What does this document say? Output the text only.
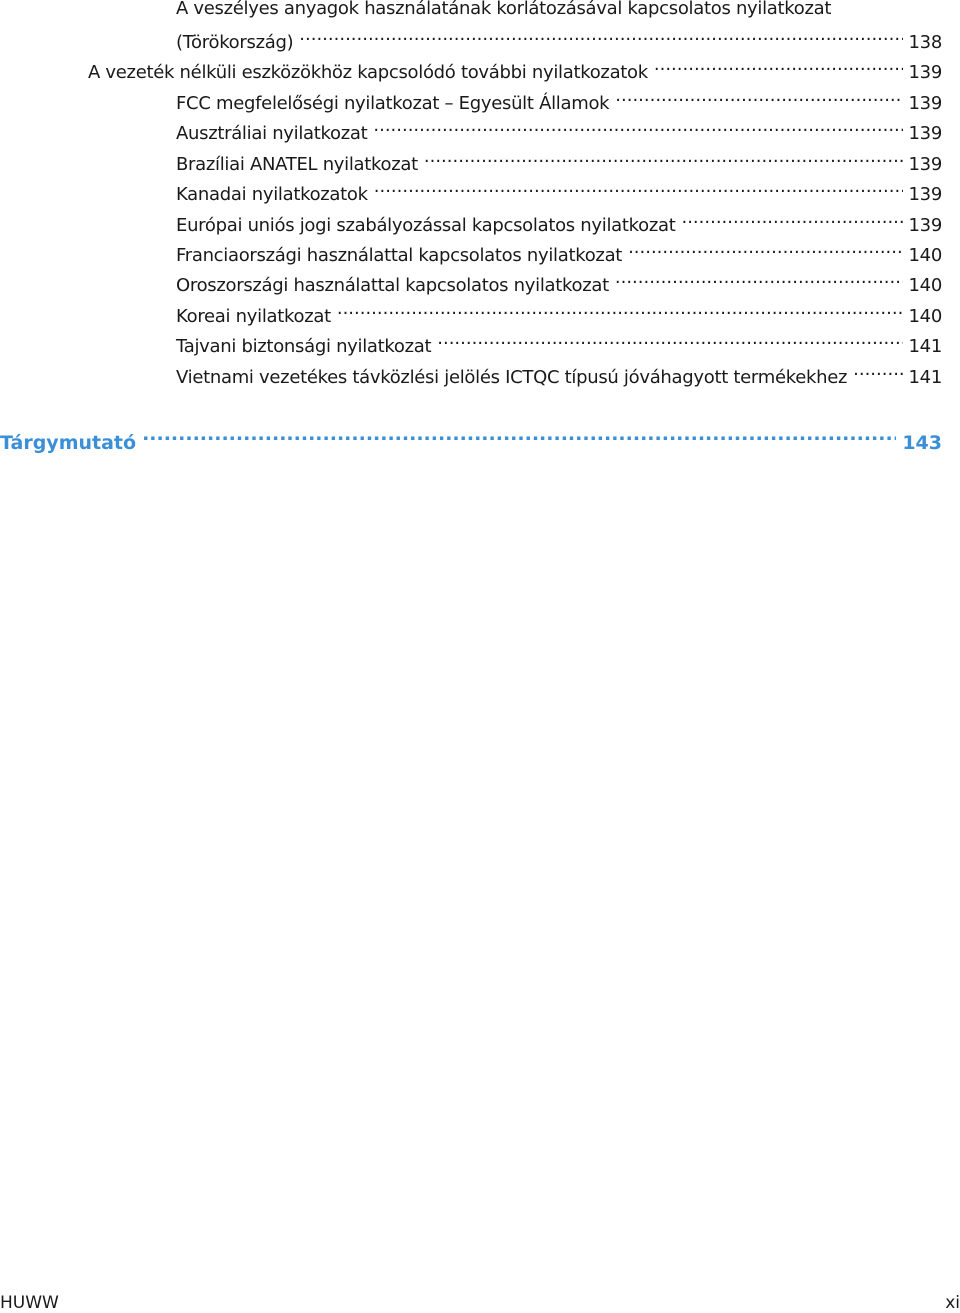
A veszélyes anyagok használatának korlátozásával kapcsolatos nyilatkozat
(Törökország) .....	138
A vezeték nélküli eszközökhöz kapcsolódó további nyilatkozatok .....	139
FCC megfelelőségi nyilatkozat – Egyesült Államok .....	139
Ausztráliai nyilatkozat .....	139
Brazíliai ANATEL nyilatkozat .....	139
Kanadai nyilatkozatok .....	139
Európai uniós jogi szabályozással kapcsolatos nyilatkozat .....	139
Franciaországi használattal kapcsolatos nyilatkozat .....	140
Oroszországi használattal kapcsolatos nyilatkozat .....	140
Koreai nyilatkozat .....	140
Tajvani biztonsági nyilatkozat .....	141
Vietnami vezetékes távközlési jelölés ICTQC típusú jóváhagyott termékekhez .....	141
Tárgymutató .....	143
HUWW	xi
